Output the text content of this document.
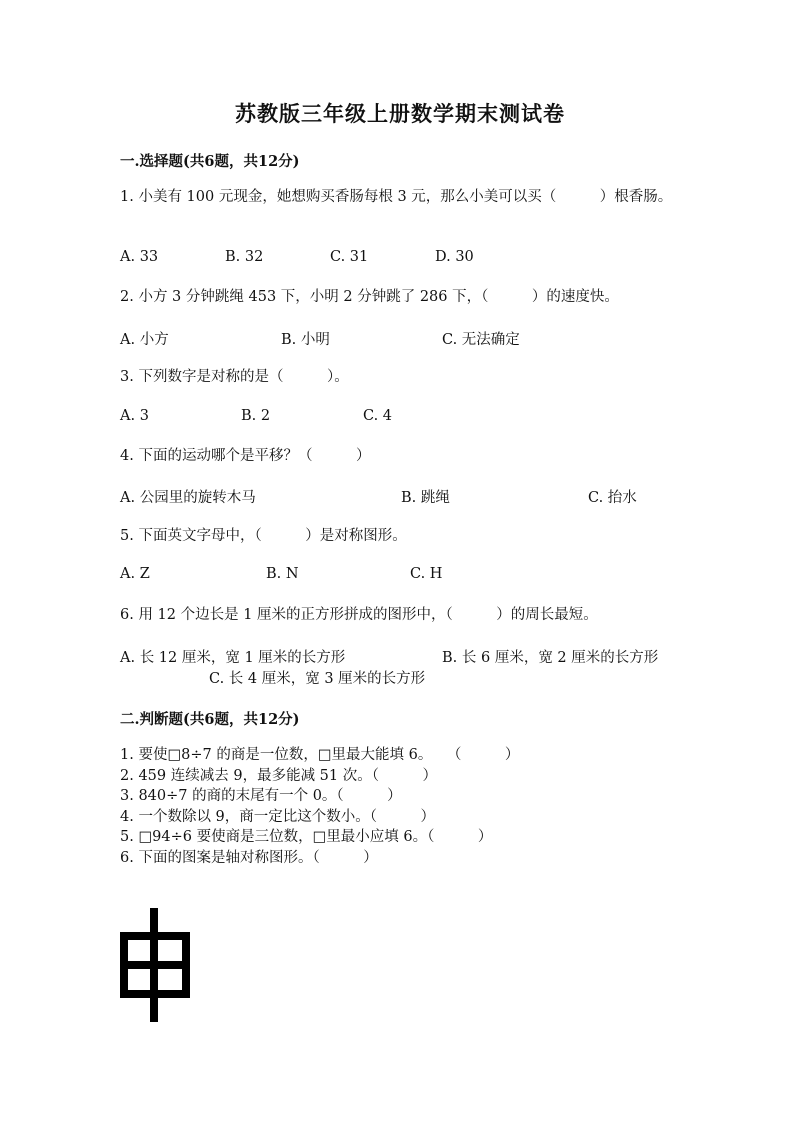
苏教版三年级上册数学期末测试卷
一.选择题(共6题，共12分)
1. 小美有 100 元现金，她想购买香肠每根 3 元，那么小美可以买（　　　）根香肠。
A. 33	B. 32	C. 31	D. 30
2. 小方 3 分钟跳绳 453 下，小明 2 分钟跳了 286 下，（　　　）的速度快。
A. 小方	B. 小明	C. 无法确定
3. 下列数字是对称的是（　　　）。
A. 3	B. 2	C. 4
4. 下面的运动哪个是平移？（　　　）
A. 公园里的旋转木马	B. 跳绳	C. 抬水
5. 下面英文字母中，（　　　）是对称图形。
A. Z	B. N	C. H
6. 用 12 个边长是 1 厘米的正方形拼成的图形中，（　　　）的周长最短。
A. 长 12 厘米，宽 1 厘米的长方形	B. 长 6 厘米，宽 2 厘米的长方形
C. 长 4 厘米，宽 3 厘米的长方形
二.判断题(共6题，共12分)
1. 要使□8÷7 的商是一位数，□里最大能填 6。　　（　　　）
2. 459 连续减去 9，最多能减 51 次。（　　　）
3. 840÷7 的商的末尾有一个 0。（　　　）
4. 一个数除以 9，商一定比这个数小。（　　　）
5. □94÷6 要使商是三位数，□里最小应填 6。（　　　）
6. 下面的图案是轴对称图形。（　　　）
